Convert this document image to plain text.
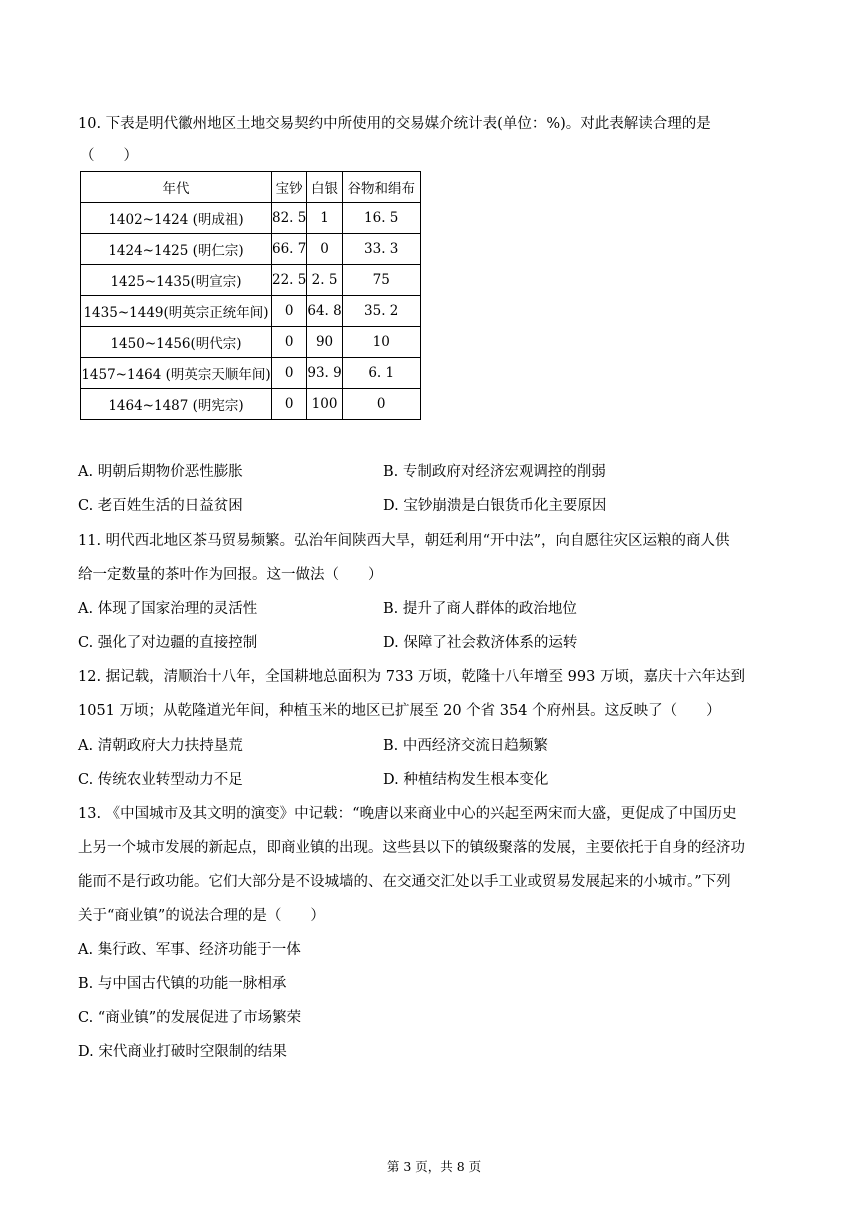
10. 下表是明代徽州地区土地交易契约中所使用的交易媒介统计表(单位：%)。对此表解读合理的是
（　　）
年代	宝钞	白银	谷物和绢布
1402~1424 (明成祖)	82. 5	1	16. 5
1424~1425 (明仁宗)	66. 7	0	33. 3
1425~1435(明宣宗)	22. 5	2. 5	75
1435~1449(明英宗正统年间)	0	64. 8	35. 2
1450~1456(明代宗)	0	90	10
1457~1464 (明英宗天顺年间)	0	93. 9	6. 1
1464~1487 (明宪宗)	0	100	0
A. 明朝后期物价恶性膨胀	B. 专制政府对经济宏观调控的削弱
C. 老百姓生活的日益贫困	D. 宝钞崩溃是白银货币化主要原因
11. 明代西北地区茶马贸易频繁。弘治年间陕西大旱，朝廷利用“开中法”，向自愿往灾区运粮的商人供
给一定数量的茶叶作为回报。这一做法（　　）
A. 体现了国家治理的灵活性	B. 提升了商人群体的政治地位
C. 强化了对边疆的直接控制	D. 保障了社会救济体系的运转
12. 据记载，清顺治十八年，全国耕地总面积为 733 万顷，乾隆十八年增至 993 万顷，嘉庆十六年达到
1051 万顷；从乾隆道光年间，种植玉米的地区已扩展至 20 个省 354 个府州县。这反映了（　　）
A. 清朝政府大力扶持垦荒	B. 中西经济交流日趋频繁
C. 传统农业转型动力不足	D. 种植结构发生根本变化
13. 《中国城市及其文明的演变》中记载：“晚唐以来商业中心的兴起至两宋而大盛，更促成了中国历史
上另一个城市发展的新起点，即商业镇的出现。这些县以下的镇级聚落的发展，主要依托于自身的经济功
能而不是行政功能。它们大部分是不设城墙的、在交通交汇处以手工业或贸易发展起来的小城市。”下列
关于“商业镇”的说法合理的是（　　）
A. 集行政、军事、经济功能于一体
B. 与中国古代镇的功能一脉相承
C. “商业镇”的发展促进了市场繁荣
D. 宋代商业打破时空限制的结果
第 3 页，共 8 页
